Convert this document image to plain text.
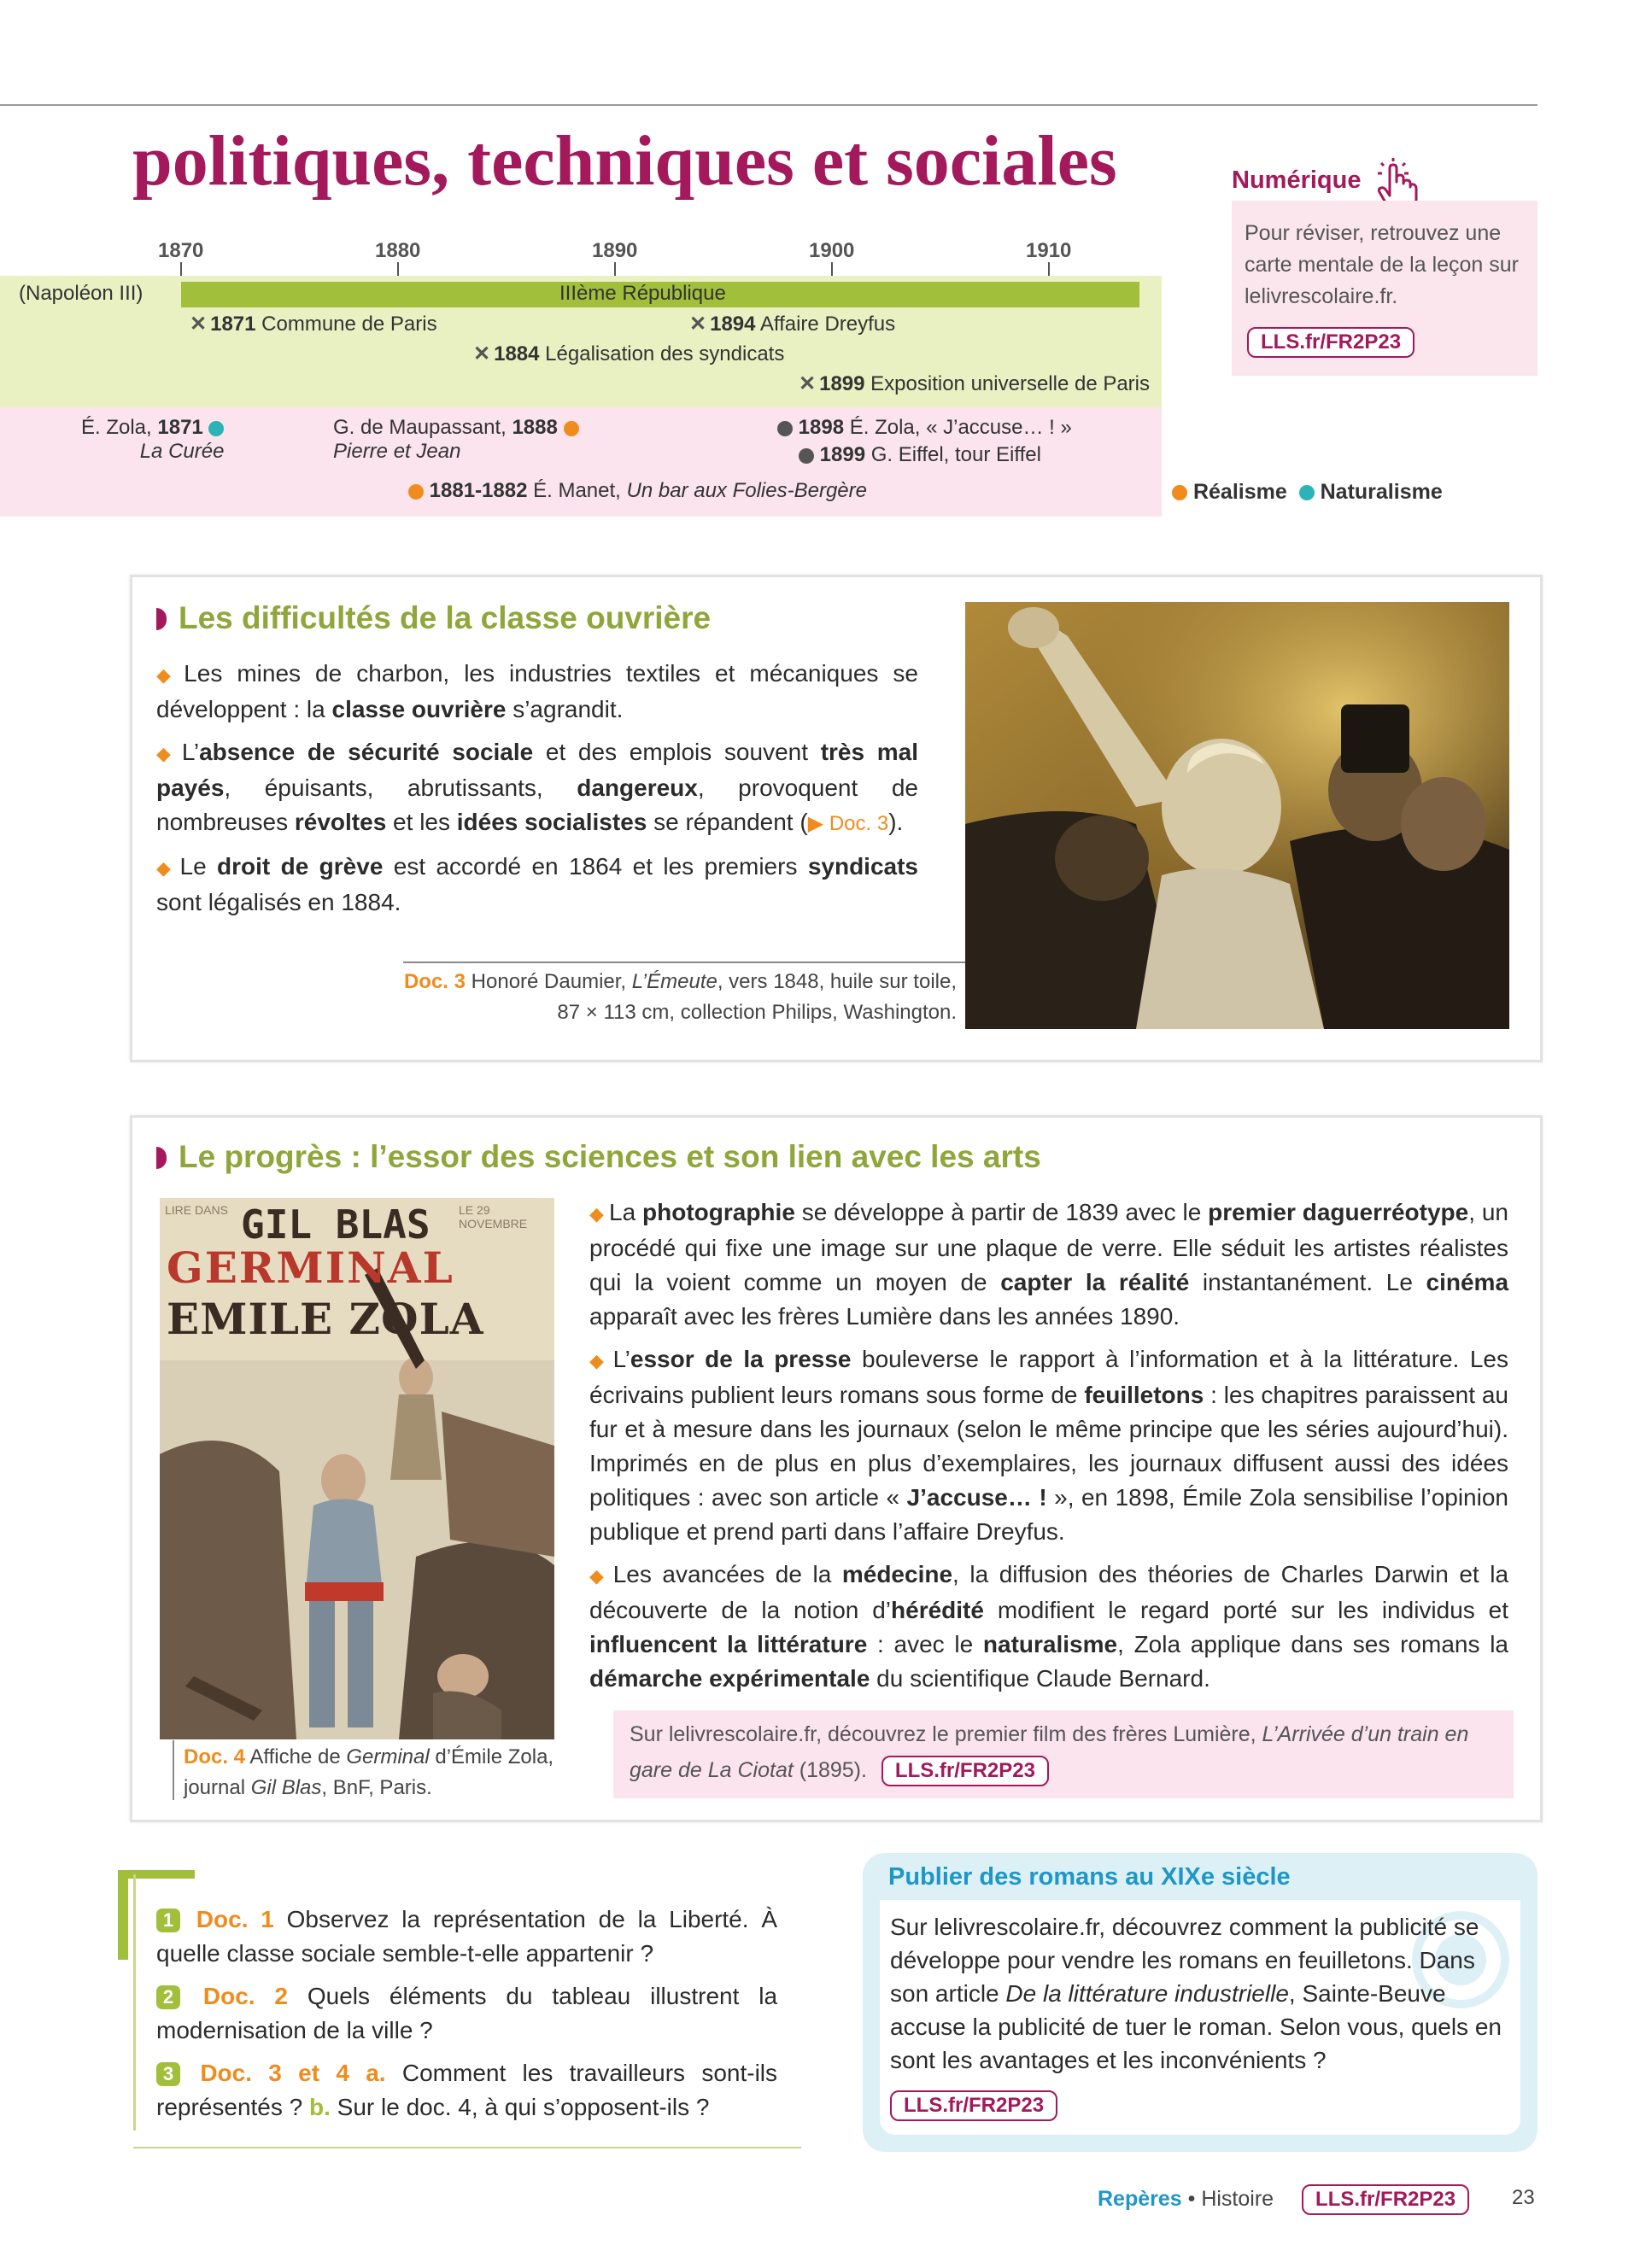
politiques, techniques et sociales	Numérique
Pour réviser, retrouvez une carte mentale de la leçon sur lelivrescolaire.fr.
LLS.fr/FR2P23
1870	1880	1890	1900	1910
(Napoléon III)	IIIème République
✕ 1871 Commune de Paris
✕ 1884 Légalisation des syndicats
✕ 1894 Affaire Dreyfus
✕ 1899 Exposition universelle de Paris
É. Zola, 1871
La Curée
G. de Maupassant, 1888
Pierre et Jean
1881-1882 É. Manet, Un bar aux Folies-Bergère
1898 É. Zola, « J’accuse… ! »
1899 G. Eiffel, tour Eiffel
Réalisme Naturalisme
Les difficultés de la classe ouvrière

◆ Les mines de charbon, les industries textiles et mécaniques se développent : la classe ouvrière s’agrandit.

◆ L’absence de sécurité sociale et des emplois souvent très mal payés, épuisants, abrutissants, dangereux, provoquent de nombreuses révoltes et les idées socialistes se répandent (▶ Doc. 3).

◆ Le droit de grève est accordé en 1864 et les premiers syndicats sont légalisés en 1884.

Doc. 3 Honoré Daumier, L’Émeute, vers 1848, huile sur toile,
87 × 113 cm, collection Philips, Washington.
Le progrès : l’essor des sciences et son lien avec les arts
LIRE DANS	LE 29 NOVEMBRE
GIL BLAS
GERMINAL
EMILE ZOLA
Doc. 4 Affiche de Germinal d’Émile Zola,
journal Gil Blas, BnF, Paris.

◆ La photographie se développe à partir de 1839 avec le premier daguerréotype, un procédé qui fixe une image sur une plaque de verre. Elle séduit les artistes réalistes qui la voient comme un moyen de capter la réalité instantanément. Le cinéma apparaît avec les frères Lumière dans les années 1890.

◆ L’essor de la presse bouleverse le rapport à l’information et à la littérature. Les écrivains publient leurs romans sous forme de feuilletons : les chapitres paraissent au fur et à mesure dans les journaux (selon le même principe que les séries aujourd’hui). Imprimés en de plus en plus d’exemplaires, les journaux diffusent aussi des idées politiques : avec son article « J’accuse… ! », en 1898, Émile Zola sensibilise l’opinion publique et prend parti dans l’affaire Dreyfus.

◆ Les avancées de la médecine, la diffusion des théories de Charles Darwin et la découverte de la notion d’hérédité modifient le regard porté sur les individus et influencent la littérature : avec le naturalisme, Zola applique dans ses romans la démarche expérimentale du scientifique Claude Bernard.

Sur lelivrescolaire.fr, découvrez le premier film des frères Lumière, L’Arrivée d’un train en gare de La Ciotat (1895). LLS.fr/FR2P23

1 Doc. 1 Observez la représentation de la Liberté. À quelle classe sociale semble-t-elle appartenir ?

2 Doc. 2 Quels éléments du tableau illustrent la modernisation de la ville ?

3 Doc. 3 et 4 a. Comment les travailleurs sont-ils représentés ? b. Sur le doc. 4, à qui s’opposent-ils ?

Publier des romans au XIXe siècle
Sur lelivrescolaire.fr, découvrez comment la publicité se développe pour vendre les romans en feuilletons. Dans son article De la littérature industrielle, Sainte-Beuve accuse la publicité de tuer le roman. Selon vous, quels en sont les avantages et les inconvénients ?
LLS.fr/FR2P23
Repères • Histoire LLS.fr/FR2P23	23
